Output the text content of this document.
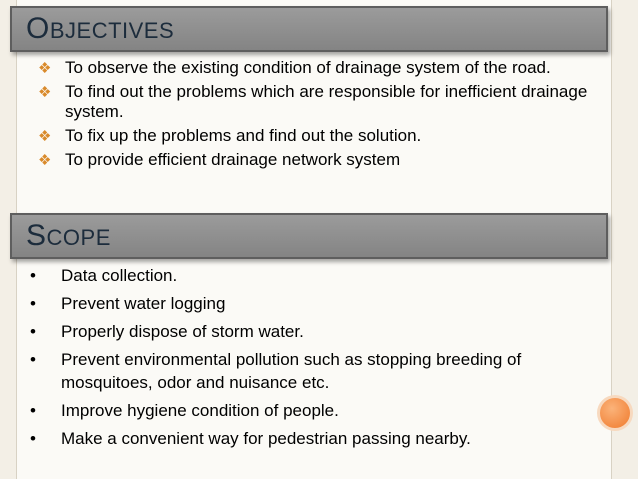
OBJECTIVES
❖ To observe the existing condition of drainage system of the road.
❖ To find out the problems which are responsible for inefficient drainage system.
❖ To fix up the problems and find out the solution.
❖ To provide efficient drainage network system
SCOPE
• Data collection.
• Prevent water logging
• Properly dispose of storm water.
• Prevent environmental pollution such as stopping breeding of mosquitoes, odor and nuisance etc.
• Improve hygiene condition of people.
• Make a convenient way for pedestrian passing nearby.
